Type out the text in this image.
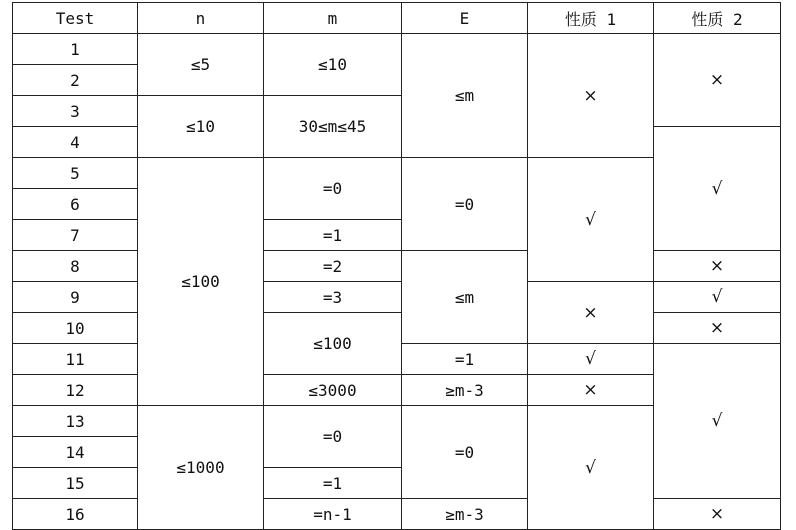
Test	n	m	E	性质 1	性质 2
1	≤5	≤10	≤m	×	×
2					
3	≤10	30≤m≤45			
4					√
5	≤100	=0	=0	√	
6					
7		=1			
8		=2	≤m		×
9		=3		×	√
10		≤100			×
11			=1	√	√
12		≤3000	≥m-3	×	
13	≤1000	=0	=0	√	
14					
15		=1			
16		=n-1	≥m-3		×
